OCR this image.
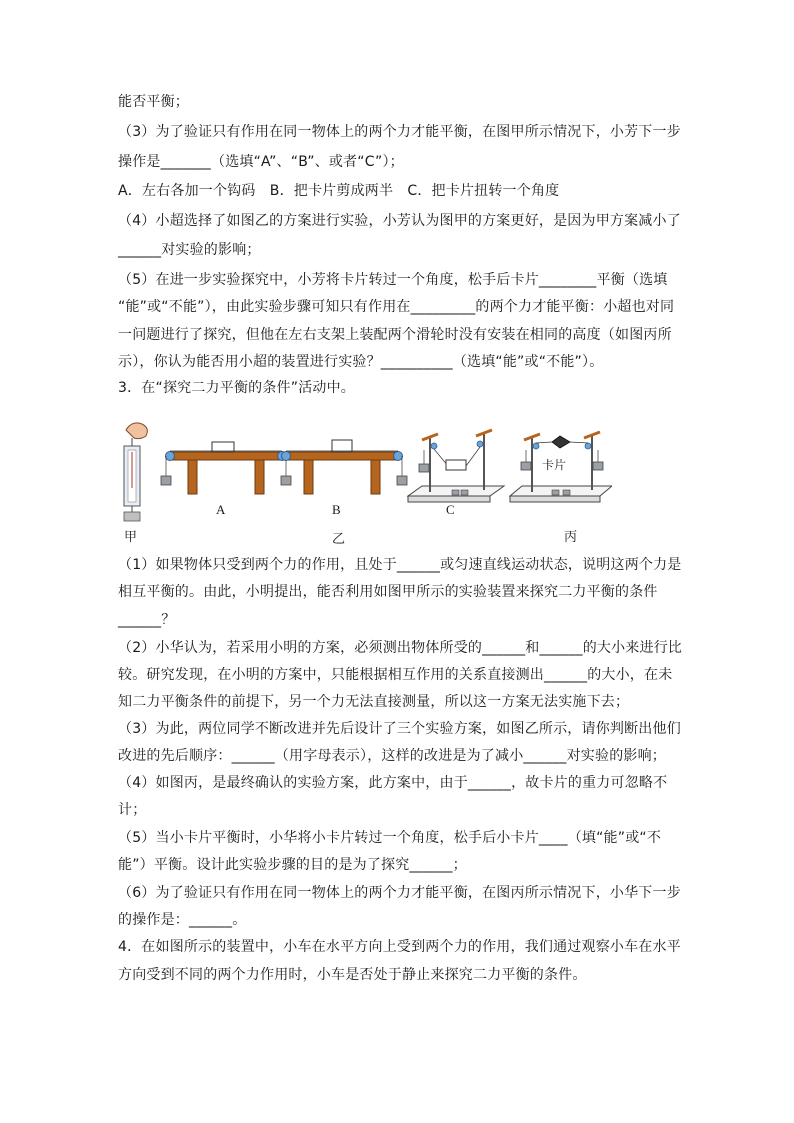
能否平衡；
（3）为了验证只有作用在同一物体上的两个力才能平衡，在图甲所示情况下，小芳下一步
操作是_______（选填“A”、“B”、或者“C”）；
A．左右各加一个钩码　B．把卡片剪成两半　C．把卡片扭转一个角度
（4）小超选择了如图乙的方案进行实验，小芳认为图甲的方案更好，是因为甲方案减小了
______对实验的影响；
（5）在进一步实验探究中，小芳将卡片转过一个角度，松手后卡片________平衡（选填
“能”或“不能”），由此实验步骤可知只有作用在_________的两个力才能平衡：小超也对同
一问题进行了探究，但他在左右支架上装配两个滑轮时没有安装在相同的高度（如图丙所
示），你认为能否用小超的装置进行实验？__________（选填“能”或“不能”）。
3．在“探究二力平衡的条件”活动中。
卡片
甲
A	B	C
乙	丙
（1）如果物体只受到两个力的作用，且处于______或匀速直线运动状态，说明这两个力是
相互平衡的。由此，小明提出，能否利用如图甲所示的实验装置来探究二力平衡的条件
______？
（2）小华认为，若采用小明的方案，必须测出物体所受的______和______的大小来进行比
较。研究发现，在小明的方案中，只能根据相互作用的关系直接测出______的大小，在未
知二力平衡条件的前提下，另一个力无法直接测量，所以这一方案无法实施下去；
（3）为此，两位同学不断改进并先后设计了三个实验方案，如图乙所示，请你判断出他们
改进的先后顺序：______（用字母表示），这样的改进是为了减小______对实验的影响；
（4）如图丙，是最终确认的实验方案，此方案中，由于______，故卡片的重力可忽略不
计；
（5）当小卡片平衡时，小华将小卡片转过一个角度，松手后小卡片____（填“能”或“不
能”）平衡。设计此实验步骤的目的是为了探究______；
（6）为了验证只有作用在同一物体上的两个力才能平衡，在图丙所示情况下，小华下一步
的操作是：______。
4．在如图所示的装置中，小车在水平方向上受到两个力的作用，我们通过观察小车在水平
方向受到不同的两个力作用时，小车是否处于静止来探究二力平衡的条件。
